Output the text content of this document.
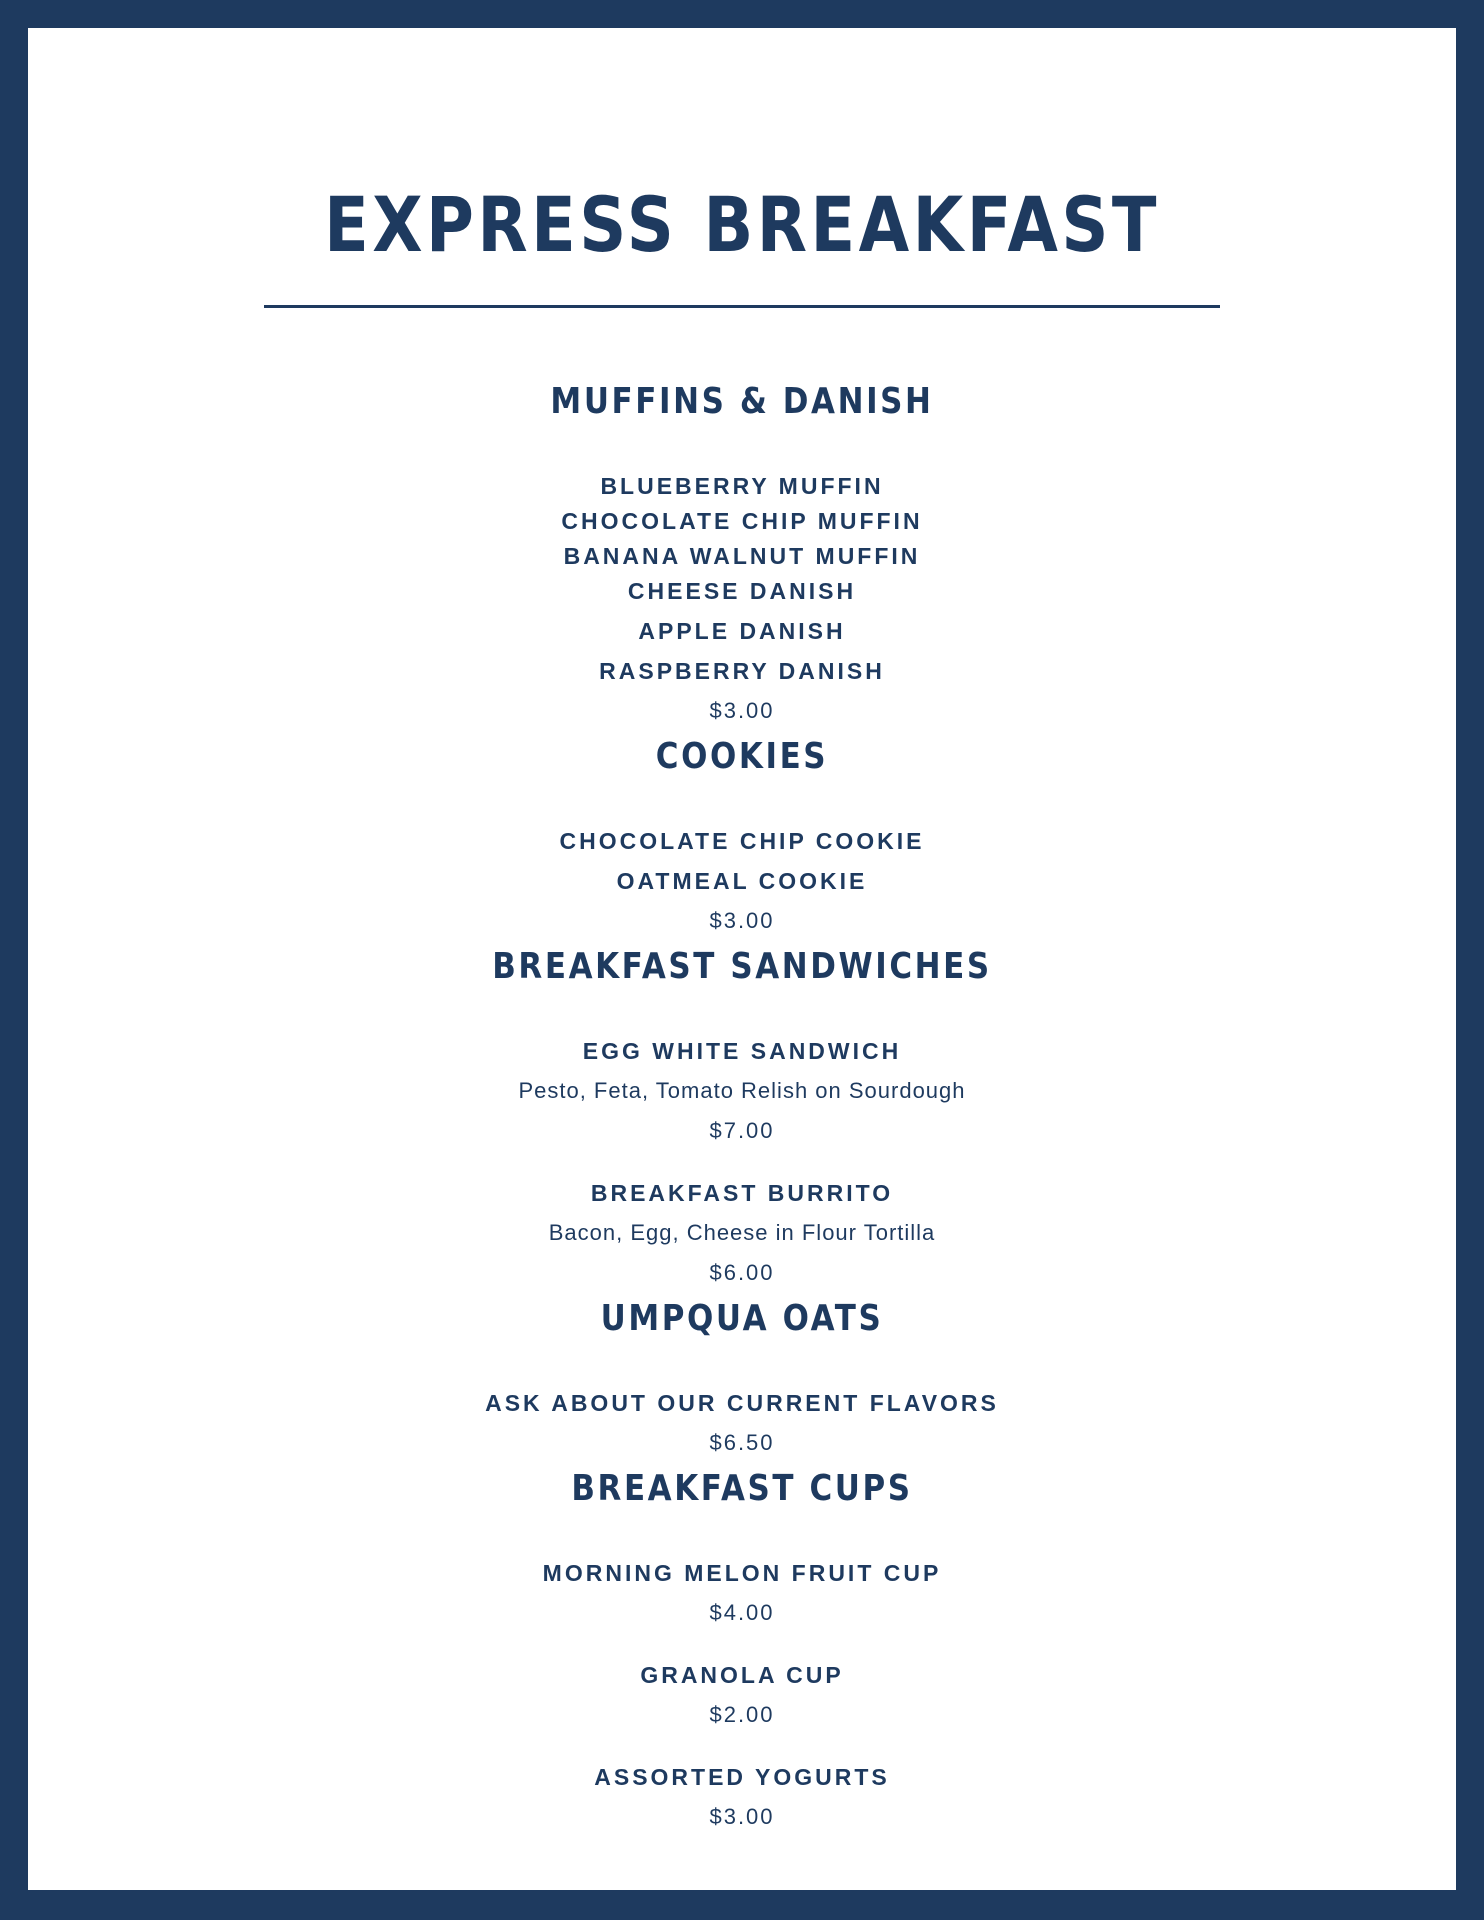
EXPRESS BREAKFAST
MUFFINS & DANISH
BLUEBERRY MUFFIN
CHOCOLATE CHIP MUFFIN
BANANA WALNUT MUFFIN
CHEESE DANISH
APPLE DANISH
RASPBERRY DANISH
$3.00
COOKIES
CHOCOLATE CHIP COOKIE
OATMEAL COOKIE
$3.00
BREAKFAST SANDWICHES
EGG WHITE SANDWICH
Pesto, Feta, Tomato Relish on Sourdough
$7.00
BREAKFAST BURRITO
Bacon, Egg, Cheese in Flour Tortilla
$6.00
UMPQUA OATS
ASK ABOUT OUR CURRENT FLAVORS
$6.50
BREAKFAST CUPS
MORNING MELON FRUIT CUP
$4.00
GRANOLA CUP
$2.00
ASSORTED YOGURTS
$3.00
